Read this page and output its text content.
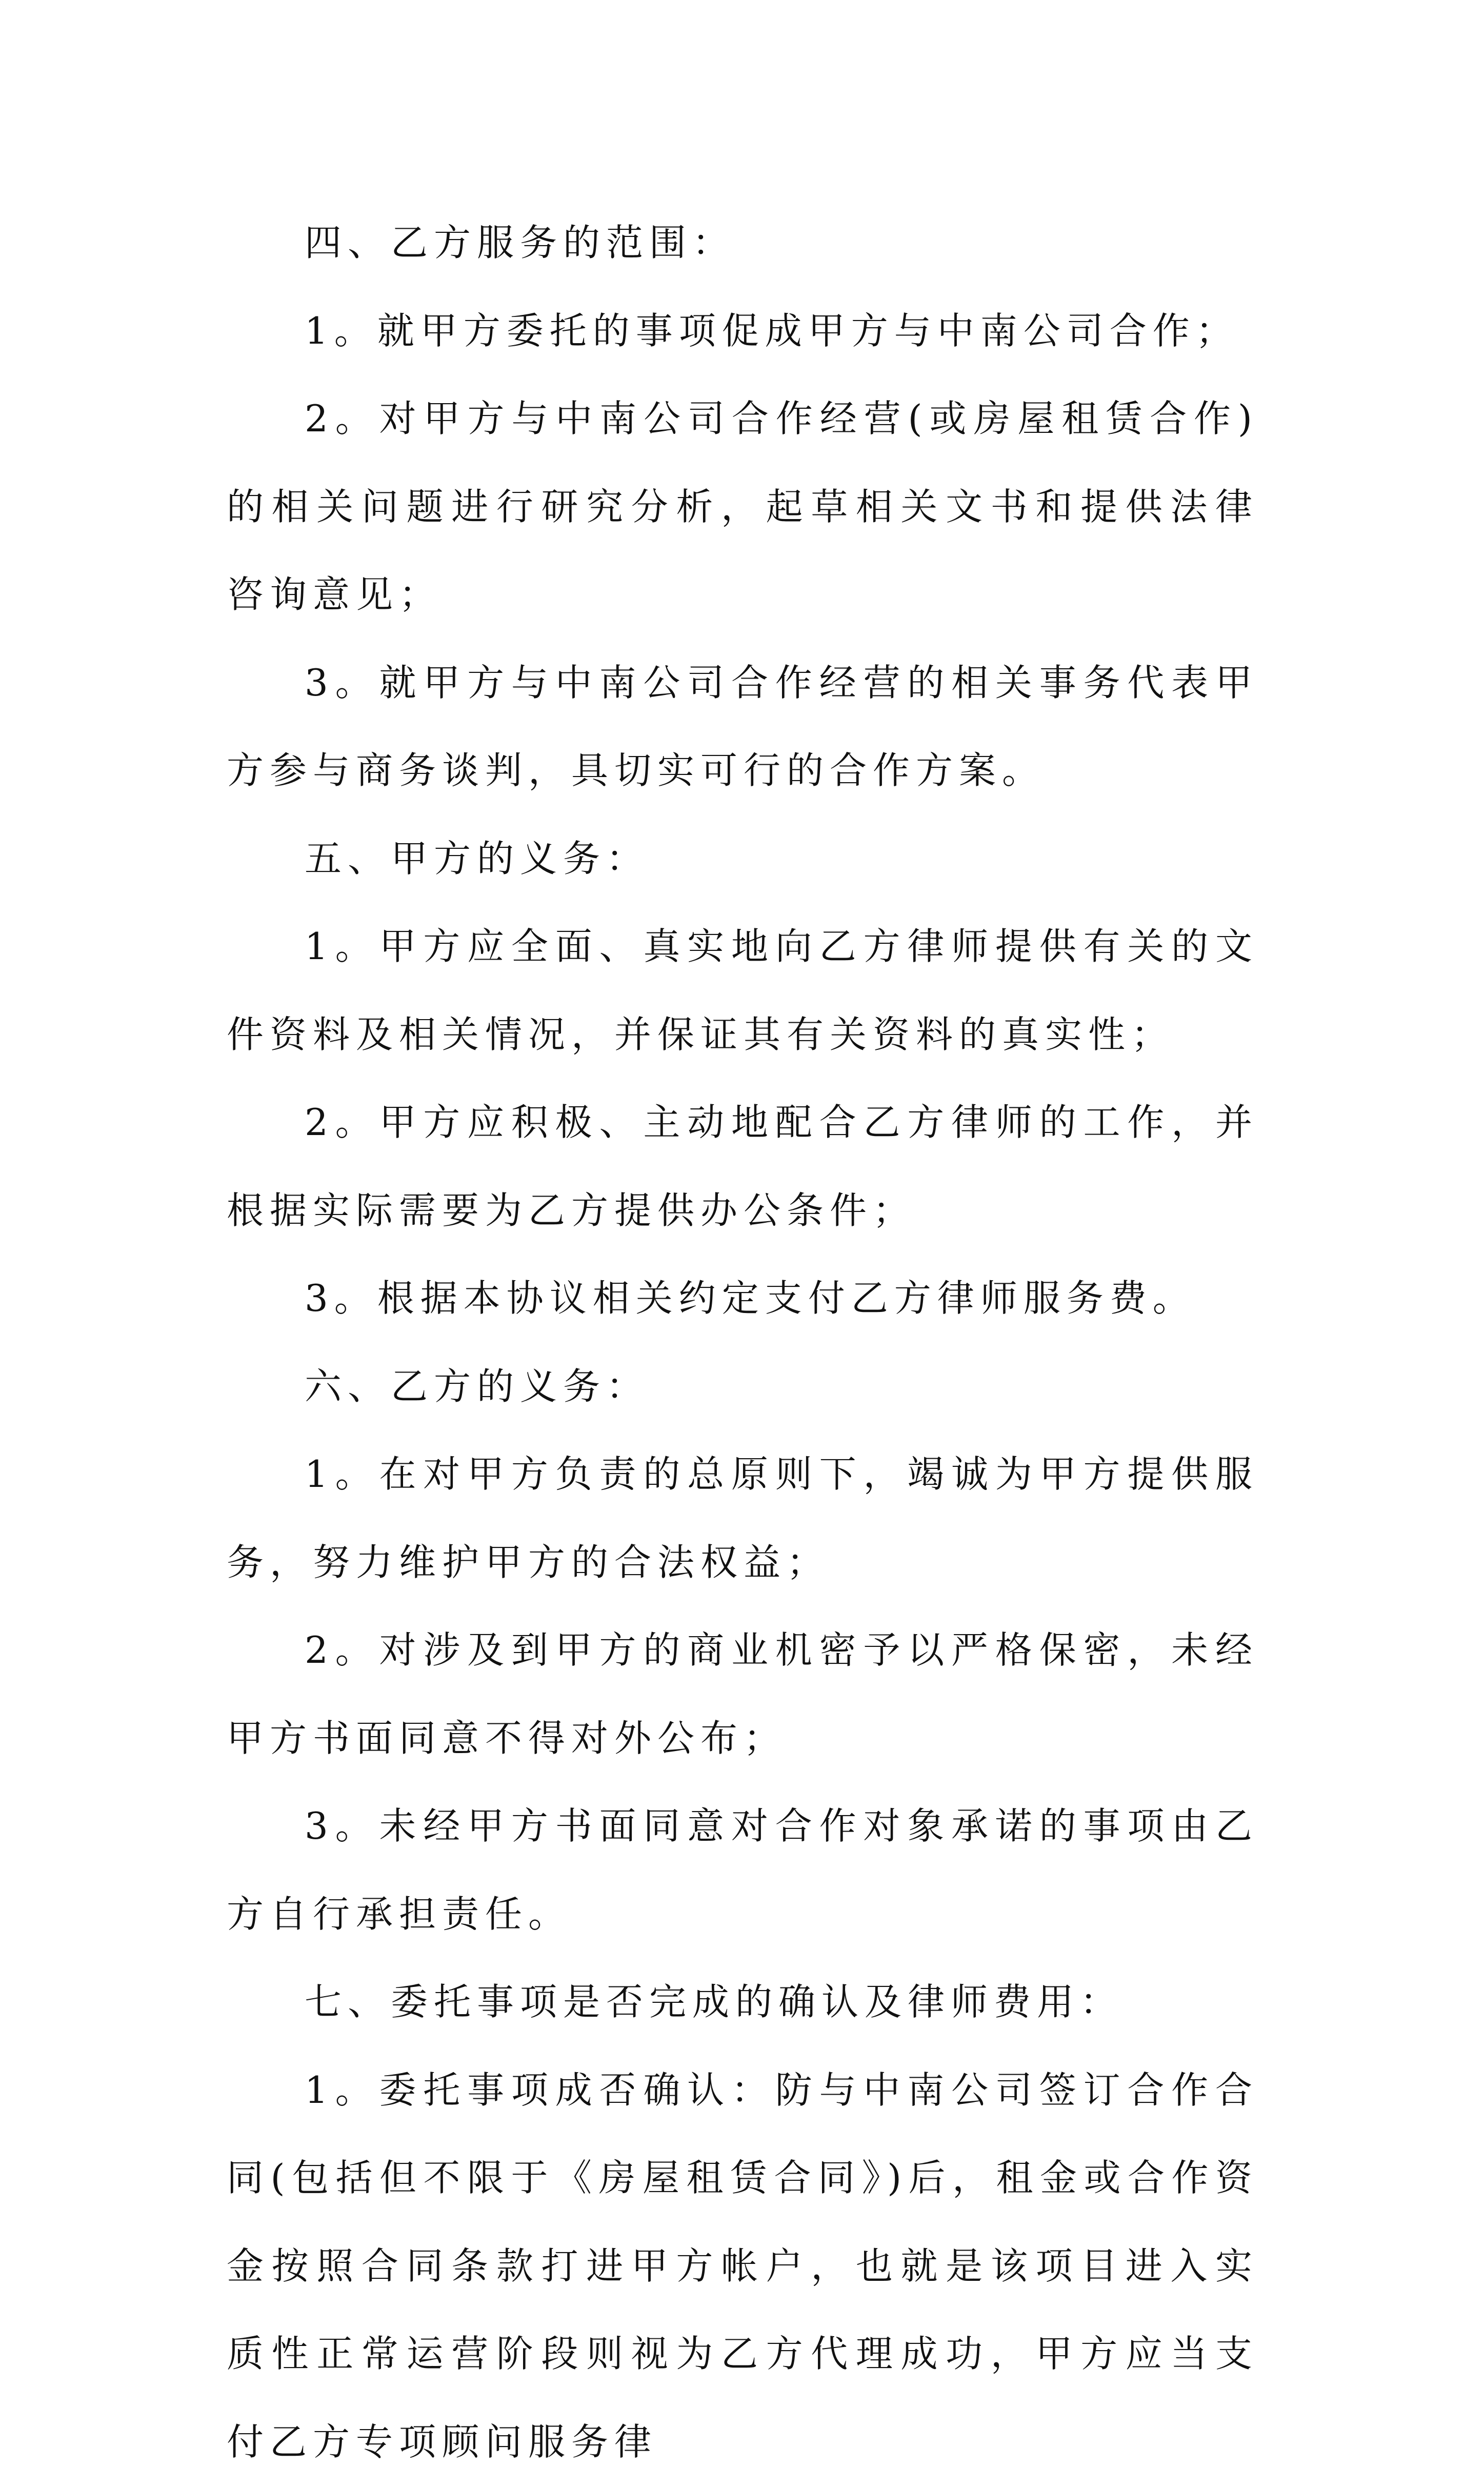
四、乙方服务的范围：

1。就甲方委托的事项促成甲方与中南公司合作；

2。对甲方与中南公司合作经营(或房屋租赁合作)的相关问题进行研究分析，起草相关文书和提供法律咨询意见；

3。就甲方与中南公司合作经营的相关事务代表甲方参与商务谈判，具切实可行的合作方案。

五、甲方的义务：

1。甲方应全面、真实地向乙方律师提供有关的文件资料及相关情况，并保证其有关资料的真实性；

2。甲方应积极、主动地配合乙方律师的工作，并根据实际需要为乙方提供办公条件；

3。根据本协议相关约定支付乙方律师服务费。

六、乙方的义务：

1。在对甲方负责的总原则下，竭诚为甲方提供服务，努力维护甲方的合法权益；

2。对涉及到甲方的商业机密予以严格保密，未经甲方书面同意不得对外公布；

3。未经甲方书面同意对合作对象承诺的事项由乙方自行承担责任。

七、委托事项是否完成的确认及律师费用：

1。委托事项成否确认：防与中南公司签订合作合同(包括但不限于《房屋租赁合同》)后，租金或合作资金按照合同条款打进甲方帐户，也就是该项目进入实质性正常运营阶段则视为乙方代理成功，甲方应当支付乙方专项顾问服务律
